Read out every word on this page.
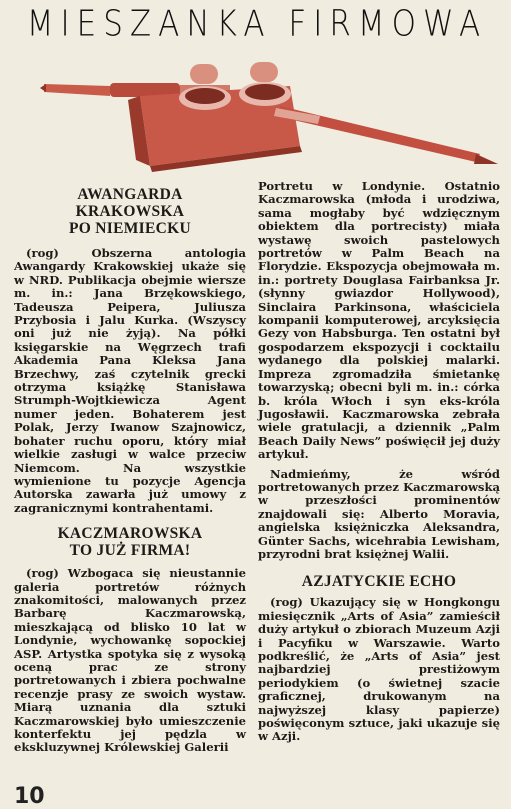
MIESZANKA FIRMOWA
AWANGARDA
KRAKOWSKA
PO NIEMIECKU

(rog) Obszerna antologia Awangardy Krakowskiej ukaże się w NRD. Publikacja obejmie wiersze m. in.: Jana Brzękowskiego, Tadeusza Peipera, Juliusza Przybosia i Jalu Kurka. (Wszyscy oni już nie żyją). Na półki księgarskie na Węgrzech trafi Akademia Pana Kleksa Jana Brzechwy, zaś czytelnik grecki otrzyma książkę Stanisława Strumph-Wojtkiewicza Agent numer jeden. Bohaterem jest Polak, Jerzy Iwanow Szajnowicz, bohater ruchu oporu, który miał wielkie zasługi w walce przeciw Niemcom. Na wszystkie wymienione tu pozycje Agencja Autorska zawarła już umowy z zagranicznymi kontrahentami.

KACZMAROWSKA
TO JUŻ FIRMA!

(rog) Wzbogaca się nieustannie galeria portretów różnych znakomitości, malowanych przez Barbarę Kaczmarowską, mieszkającą od blisko 10 lat w Londynie, wychowankę sopockiej ASP. Artystka spotyka się z wysoką oceną prac ze strony portretowanych i zbiera pochwalne recenzje prasy ze swoich wystaw. Miarą uznania dla sztuki Kaczmarowskiej było umieszczenie konterfektu jej pędzla w ekskluzywnej Królewskiej Galerii

Portretu w Londynie. Ostatnio Kaczmarowska (młoda i urodziwa, sama mogłaby być wdzięcznym obiektem dla portrecisty) miała wystawę swoich pastelowych portretów w Palm Beach na Florydzie. Ekspozycja obejmowała m. in.: portrety Douglasa Fairbanksa Jr. (słynny gwiazdor Hollywood), Sinclaira Parkinsona, właściciela kompanii komputerowej, arcyksięcia Gezy von Habsburga. Ten ostatni był gospodarzem ekspozycji i cocktailu wydanego dla polskiej malarki. Impreza zgromadziła śmietankę towarzyską; obecni byli m. in.: córka b. króla Włoch i syn eks-króla Jugosławii. Kaczmarowska zebrała wiele gratulacji, a dziennik „Palm Beach Daily News” poświęcił jej duży artykuł.

Nadmieńmy, że wśród portretowanych przez Kaczmarowską w przeszłości prominentów znajdowali się: Alberto Moravia, angielska księżniczka Aleksandra, Günter Sachs, wicehrabia Lewisham, przyrodni brat księżnej Walii.

AZJATYCKIE ECHO

(rog) Ukazujący się w Hongkongu miesięcznik „Arts of Asia” zamieścił duży artykuł o zbiorach Muzeum Azji i Pacyfiku w Warszawie. Warto podkreślić, że „Arts of Asia” jest najbardziej prestiżowym periodykiem (o świetnej szacie graficznej, drukowanym na najwyższej klasy papierze) poświęconym sztuce, jaki ukazuje się w Azji.

10
